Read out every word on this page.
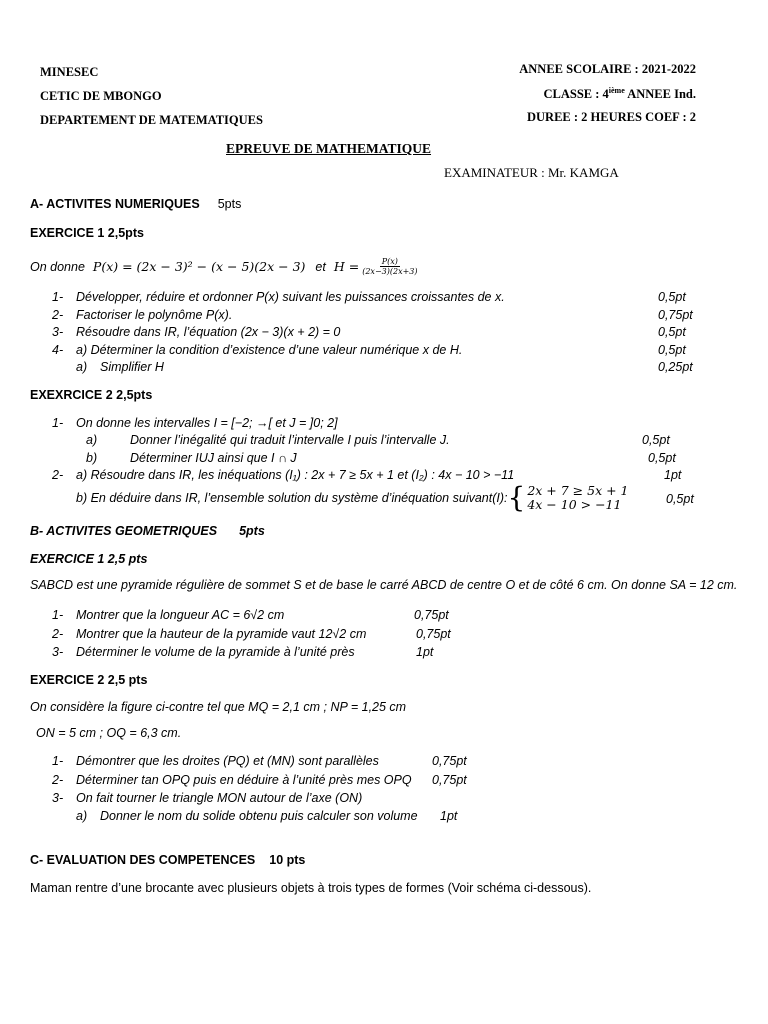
MINESEC
CETIC DE MBONGO
DEPARTEMENT DE MATEMATIQUES
ANNEE SCOLAIRE : 2021-2022
CLASSE : 4ième ANNEE Ind.
DUREE : 2 HEURES COEF : 2
EPREUVE DE MATHEMATIQUE
EXAMINATEUR : Mr. KAMGA
A- ACTIVITES NUMERIQUES 5pts
EXERCICE 1 2,5pts
On donne P(x) = (2x − 3)² − (x − 5)(2x − 3) et $H = \frac{P(x)}{(2x-3)(2x+3)}$
1- Développer, réduire et ordonner P(x) suivant les puissances croissantes de x.	0,5pt
2- Factoriser le polynôme P(x).	0,75pt
3- Résoudre dans IR, l’équation (2x − 3)(x + 2) = 0	0,5pt
4- a) Déterminer la condition d’existence d’une valeur numérique x de H.	0,5pt
a) Simplifier H	0,25pt
EXEXRCICE 2 2,5pts
1- On donne les intervalles I = [−2; →[ et J = ]0; 2]
a)	Donner l’inégalité qui traduit l’intervalle I puis l’intervalle J.	0,5pt
b)	Déterminer IUJ ainsi que I ∩ J	0,5pt
2- a) Résoudre dans IR, les inéquations (I₁) : 2x + 7 ≥ 5x + 1 et (I₂) : 4x − 10 > −11	1pt
b) En déduire dans IR, l’ensemble solution du système d’inéquation suivant(I): { 2x + 7 ≥ 5x + 1
4x − 10 > −11	0,5pt
B- ACTIVITES GEOMETRIQUES 5pts
EXERCICE 1 2,5 pts
SABCD est une pyramide régulière de sommet S et de base le carré ABCD de centre O et de côté 6 cm. On donne SA = 12 cm.
1- Montrer que la longueur AC = 6√2 cm	0,75pt
2- Montrer que la hauteur de la pyramide vaut 12√2 cm	0,75pt
3- Déterminer le volume de la pyramide à l’unité près	1pt
EXERCICE 2 2,5 pts
On considère la figure ci-contre tel que MQ = 2,1 cm ; NP = 1,25 cm
ON = 5 cm ; OQ = 6,3 cm.
1- Démontrer que les droites (PQ) et (MN) sont parallèles	0,75pt
2- Déterminer tan OPQ puis en déduire à l’unité près mes OPQ 0,75pt
3- On fait tourner le triangle MON autour de l’axe (ON)
a) Donner le nom du solide obtenu puis calculer son volume 1pt
C- EVALUATION DES COMPETENCES 10 pts
Maman rentre d’une brocante avec plusieurs objets à trois types de formes (Voir schéma ci-dessous).
